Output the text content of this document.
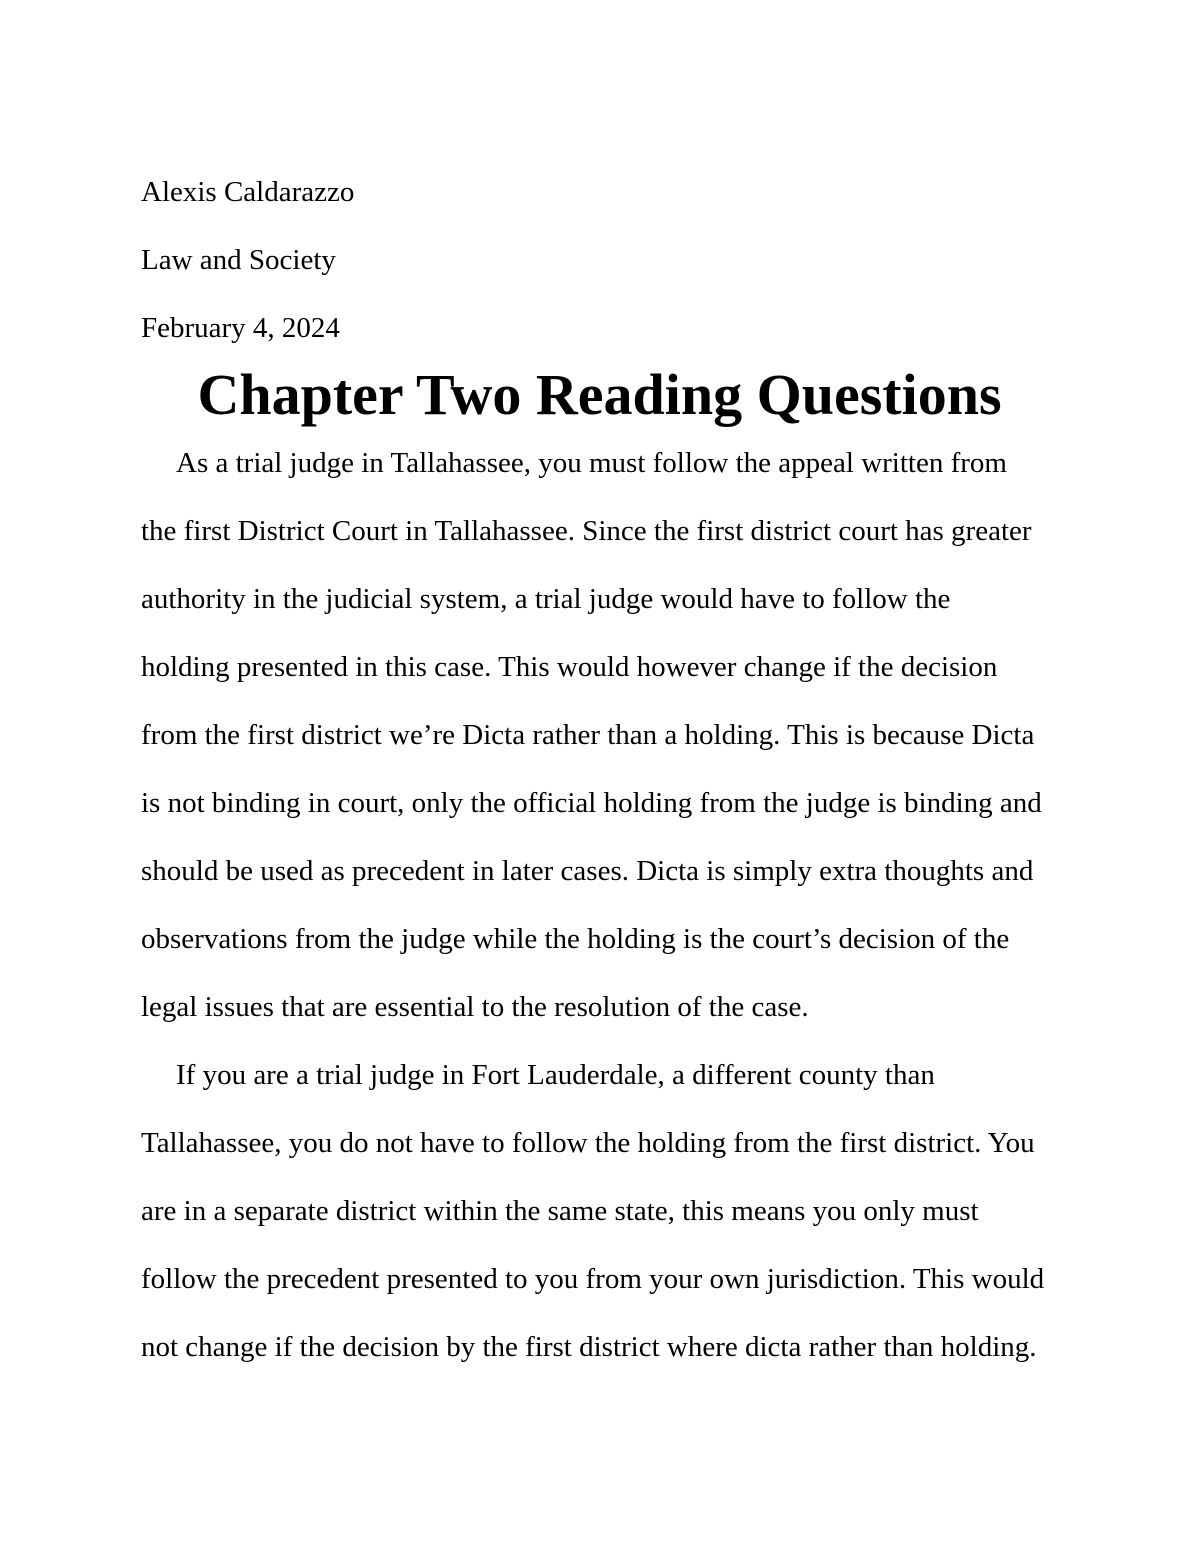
Alexis Caldarazzo

Law and Society

February 4, 2024

Chapter Two Reading Questions
As a trial judge in Tallahassee, you must follow the appeal written from
the first District Court in Tallahassee. Since the first district court has greater
authority in the judicial system, a trial judge would have to follow the
holding presented in this case. This would however change if the decision
from the first district we’re Dicta rather than a holding. This is because Dicta
is not binding in court, only the official holding from the judge is binding and
should be used as precedent in later cases. Dicta is simply extra thoughts and
observations from the judge while the holding is the court’s decision of the
legal issues that are essential to the resolution of the case.
If you are a trial judge in Fort Lauderdale, a different county than
Tallahassee, you do not have to follow the holding from the first district. You
are in a separate district within the same state, this means you only must
follow the precedent presented to you from your own jurisdiction. This would
not change if the decision by the first district where dicta rather than holding.
